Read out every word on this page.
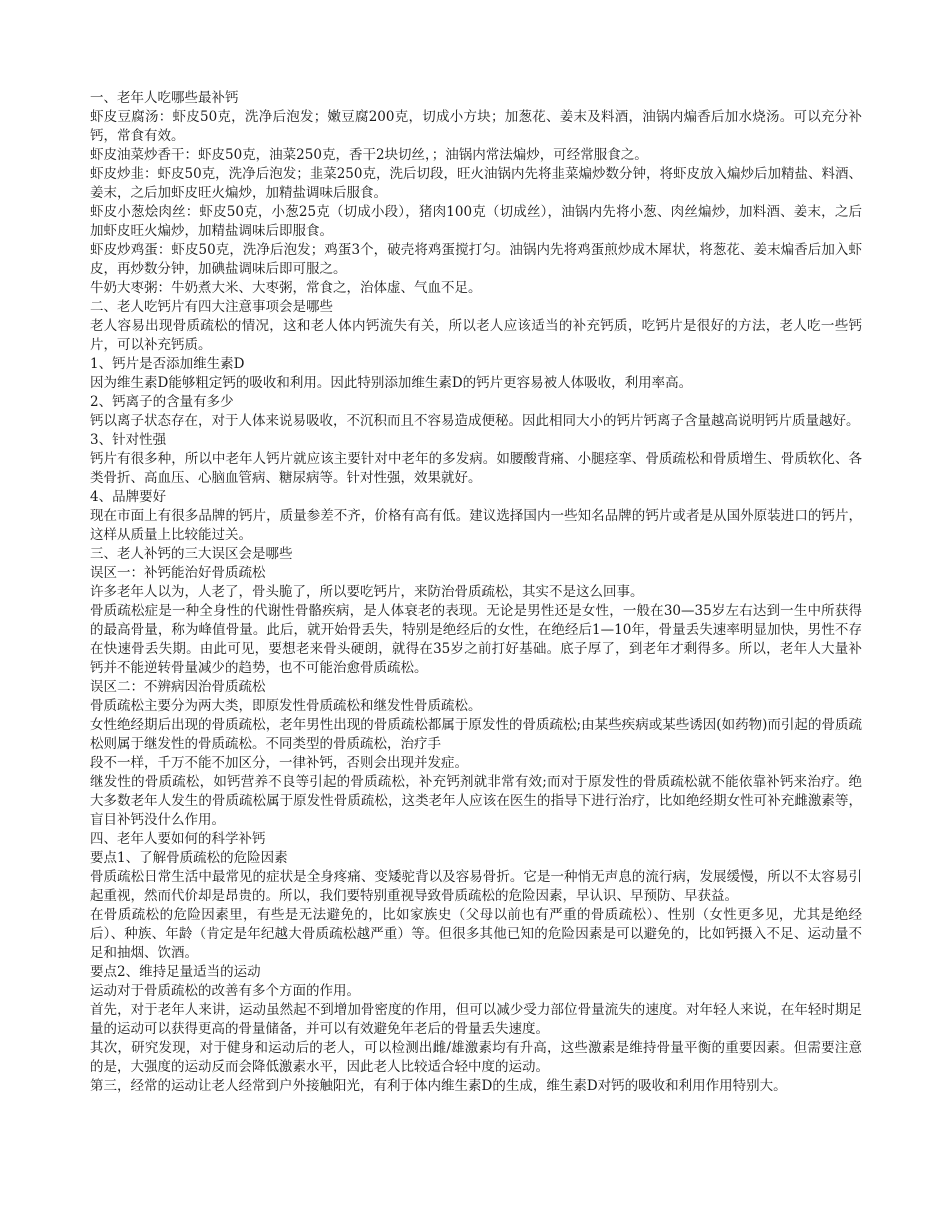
一、老年人吃哪些最补钙

虾皮豆腐汤：虾皮50克，洗净后泡发；嫩豆腐200克，切成小方块；加葱花、姜末及料酒，油锅内煸香后加水烧汤。可以充分补钙，常食有效。

虾皮油菜炒香干：虾皮50克，油菜250克，香干2块切丝，；油锅内常法煸炒，可经常服食之。

虾皮炒韭：虾皮50克，洗净后泡发；韭菜250克，洗后切段，旺火油锅内先将韭菜煸炒数分钟，将虾皮放入煸炒后加精盐、料酒、姜末，之后加虾皮旺火煸炒，加精盐调味后服食。

虾皮小葱烩肉丝：虾皮50克，小葱25克（切成小段），猪肉100克（切成丝），油锅内先将小葱、肉丝煸炒，加料酒、姜末，之后加虾皮旺火煸炒，加精盐调味后即服食。

虾皮炒鸡蛋：虾皮50克，洗净后泡发；鸡蛋3个，破壳将鸡蛋搅打匀。油锅内先将鸡蛋煎炒成木犀状，将葱花、姜末煸香后加入虾皮，再炒数分钟，加碘盐调味后即可服之。

牛奶大枣粥：牛奶煮大米、大枣粥，常食之，治体虚、气血不足。

二、老人吃钙片有四大注意事项会是哪些

老人容易出现骨质疏松的情况，这和老人体内钙流失有关，所以老人应该适当的补充钙质，吃钙片是很好的方法，老人吃一些钙片，可以补充钙质。

1、钙片是否添加维生素D

因为维生素D能够粗定钙的吸收和利用。因此特别添加维生素D的钙片更容易被人体吸收，利用率高。

2、钙离子的含量有多少

钙以离子状态存在，对于人体来说易吸收，不沉积而且不容易造成便秘。因此相同大小的钙片钙离子含量越高说明钙片质量越好。

3、针对性强

钙片有很多种，所以中老年人钙片就应该主要针对中老年的多发病。如腰酸背痛、小腿痉挛、骨质疏松和骨质增生、骨质软化、各类骨折、高血压、心脑血管病、糖尿病等。针对性强，效果就好。

4、品牌要好

现在市面上有很多品牌的钙片，质量参差不齐，价格有高有低。建议选择国内一些知名品牌的钙片或者是从国外原装进口的钙片，这样从质量上比较能过关。

三、老人补钙的三大误区会是哪些

误区一：补钙能治好骨质疏松

许多老年人以为，人老了，骨头脆了，所以要吃钙片，来防治骨质疏松，其实不是这么回事。

骨质疏松症是一种全身性的代谢性骨骼疾病，是人体衰老的表现。无论是男性还是女性，一般在30—35岁左右达到一生中所获得的最高骨量，称为峰值骨量。此后，就开始骨丢失，特别是绝经后的女性，在绝经后1—10年，骨量丢失速率明显加快，男性不存在快速骨丢失期。由此可见，要想老来骨头硬朗，就得在35岁之前打好基础。底子厚了，到老年才剩得多。所以，老年人大量补钙并不能逆转骨量减少的趋势，也不可能治愈骨质疏松。

误区二：不辨病因治骨质疏松

骨质疏松主要分为两大类，即原发性骨质疏松和继发性骨质疏松。

女性绝经期后出现的骨质疏松，老年男性出现的骨质疏松都属于原发性的骨质疏松;由某些疾病或某些诱因(如药物)而引起的骨质疏松则属于继发性的骨质疏松。不同类型的骨质疏松，治疗手

段不一样，千万不能不加区分，一律补钙，否则会出现并发症。

继发性的骨质疏松，如钙营养不良等引起的骨质疏松，补充钙剂就非常有效;而对于原发性的骨质疏松就不能依靠补钙来治疗。绝大多数老年人发生的骨质疏松属于原发性骨质疏松，这类老年人应该在医生的指导下进行治疗，比如绝经期女性可补充雌激素等，盲目补钙没什么作用。

四、老年人要如何的科学补钙

要点1、了解骨质疏松的危险因素

骨质疏松日常生活中最常见的症状是全身疼痛、变矮驼背以及容易骨折。它是一种悄无声息的流行病，发展缓慢，所以不太容易引起重视，然而代价却是昂贵的。所以，我们要特别重视导致骨质疏松的危险因素，早认识、早预防、早获益。

在骨质疏松的危险因素里，有些是无法避免的，比如家族史（父母以前也有严重的骨质疏松）、性别（女性更多见，尤其是绝经后）、种族、年龄（肯定是年纪越大骨质疏松越严重）等。但很多其他已知的危险因素是可以避免的，比如钙摄入不足、运动量不足和抽烟、饮酒。

要点2、维持足量适当的运动

运动对于骨质疏松的改善有多个方面的作用。

首先，对于老年人来讲，运动虽然起不到增加骨密度的作用，但可以减少受力部位骨量流失的速度。对年轻人来说，在年轻时期足量的运动可以获得更高的骨量储备，并可以有效避免年老后的骨量丢失速度。

其次，研究发现，对于健身和运动后的老人，可以检测出雌/雄激素均有升高，这些激素是维持骨量平衡的重要因素。但需要注意的是，大强度的运动反而会降低激素水平，因此老人比较适合轻中度的运动。

第三，经常的运动让老人经常到户外接触阳光，有利于体内维生素D的生成，维生素D对钙的吸收和利用作用特别大。
